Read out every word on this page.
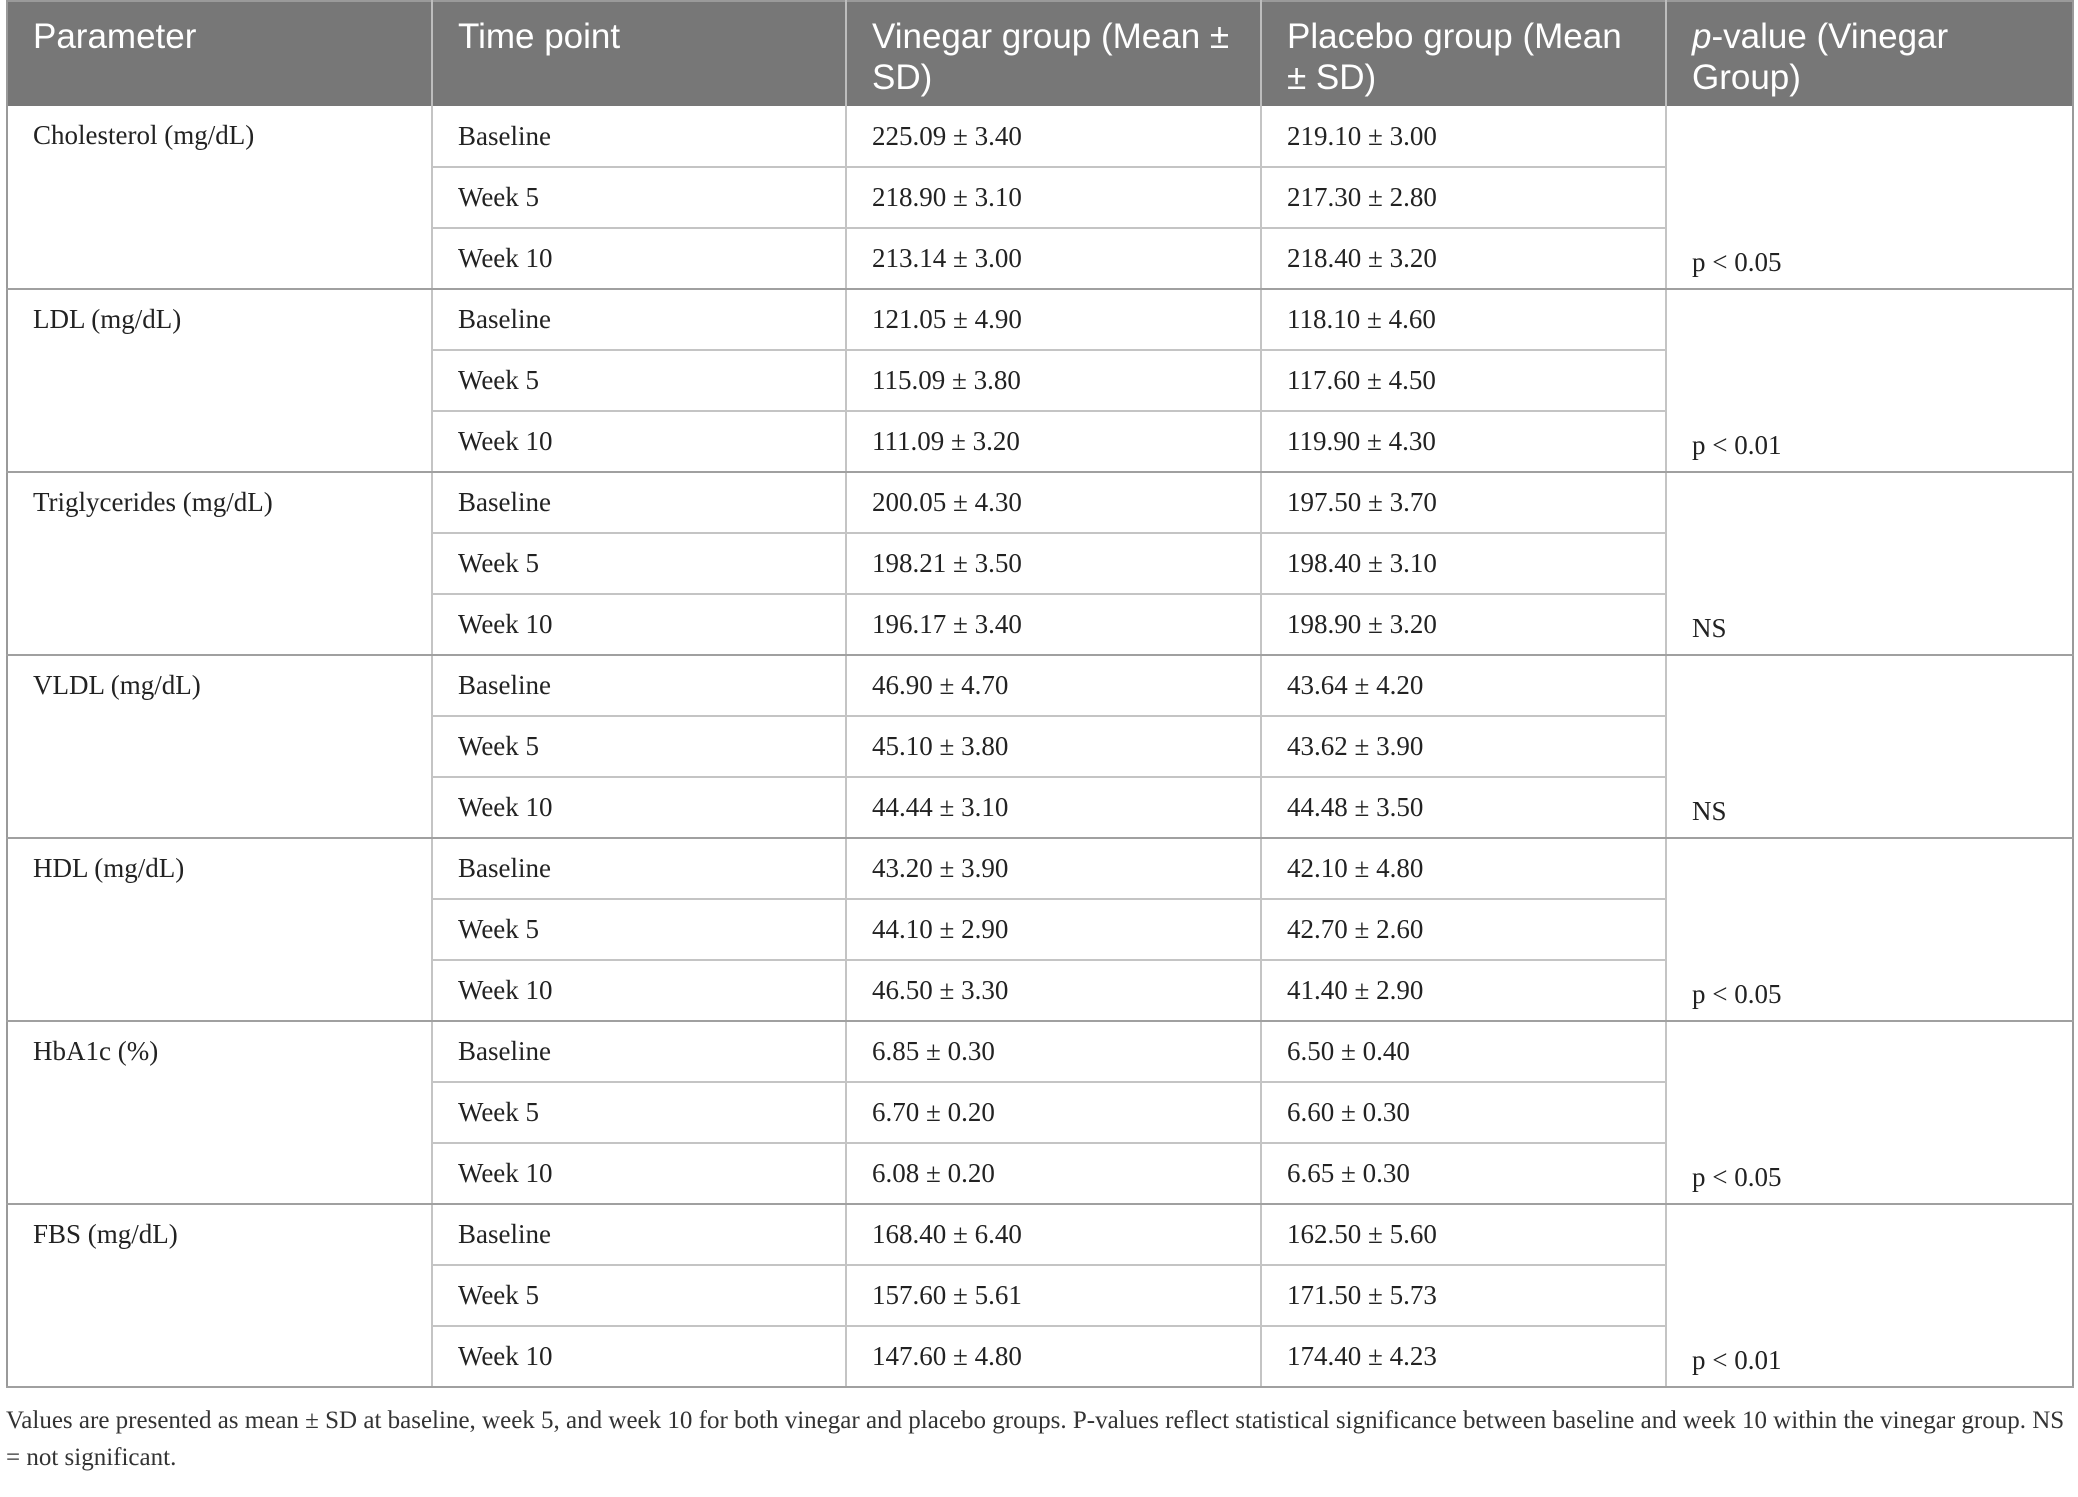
Parameter	Time point	Vinegar group (Mean ± SD)	Placebo group (Mean ± SD)	p-value (Vinegar Group)
Cholesterol (mg/dL)	Baseline	225.09 ± 3.40	219.10 ± 3.00	p < 0.05
	Week 5	218.90 ± 3.10	217.30 ± 2.80	
	Week 10	213.14 ± 3.00	218.40 ± 3.20	
LDL (mg/dL)	Baseline	121.05 ± 4.90	118.10 ± 4.60	p < 0.01
	Week 5	115.09 ± 3.80	117.60 ± 4.50	
	Week 10	111.09 ± 3.20	119.90 ± 4.30	
Triglycerides (mg/dL)	Baseline	200.05 ± 4.30	197.50 ± 3.70	NS
	Week 5	198.21 ± 3.50	198.40 ± 3.10	
	Week 10	196.17 ± 3.40	198.90 ± 3.20	
VLDL (mg/dL)	Baseline	46.90 ± 4.70	43.64 ± 4.20	NS
	Week 5	45.10 ± 3.80	43.62 ± 3.90	
	Week 10	44.44 ± 3.10	44.48 ± 3.50	
HDL (mg/dL)	Baseline	43.20 ± 3.90	42.10 ± 4.80	p < 0.05
	Week 5	44.10 ± 2.90	42.70 ± 2.60	
	Week 10	46.50 ± 3.30	41.40 ± 2.90	
HbA1c (%)	Baseline	6.85 ± 0.30	6.50 ± 0.40	p < 0.05
	Week 5	6.70 ± 0.20	6.60 ± 0.30	
	Week 10	6.08 ± 0.20	6.65 ± 0.30	
FBS (mg/dL)	Baseline	168.40 ± 6.40	162.50 ± 5.60	p < 0.01
	Week 5	157.60 ± 5.61	171.50 ± 5.73	
	Week 10	147.60 ± 4.80	174.40 ± 4.23	
Values are presented as mean ± SD at baseline, week 5, and week 10 for both vinegar and placebo groups. P-values reflect statistical significance between baseline and week 10 within the vinegar group. NS = not significant.
